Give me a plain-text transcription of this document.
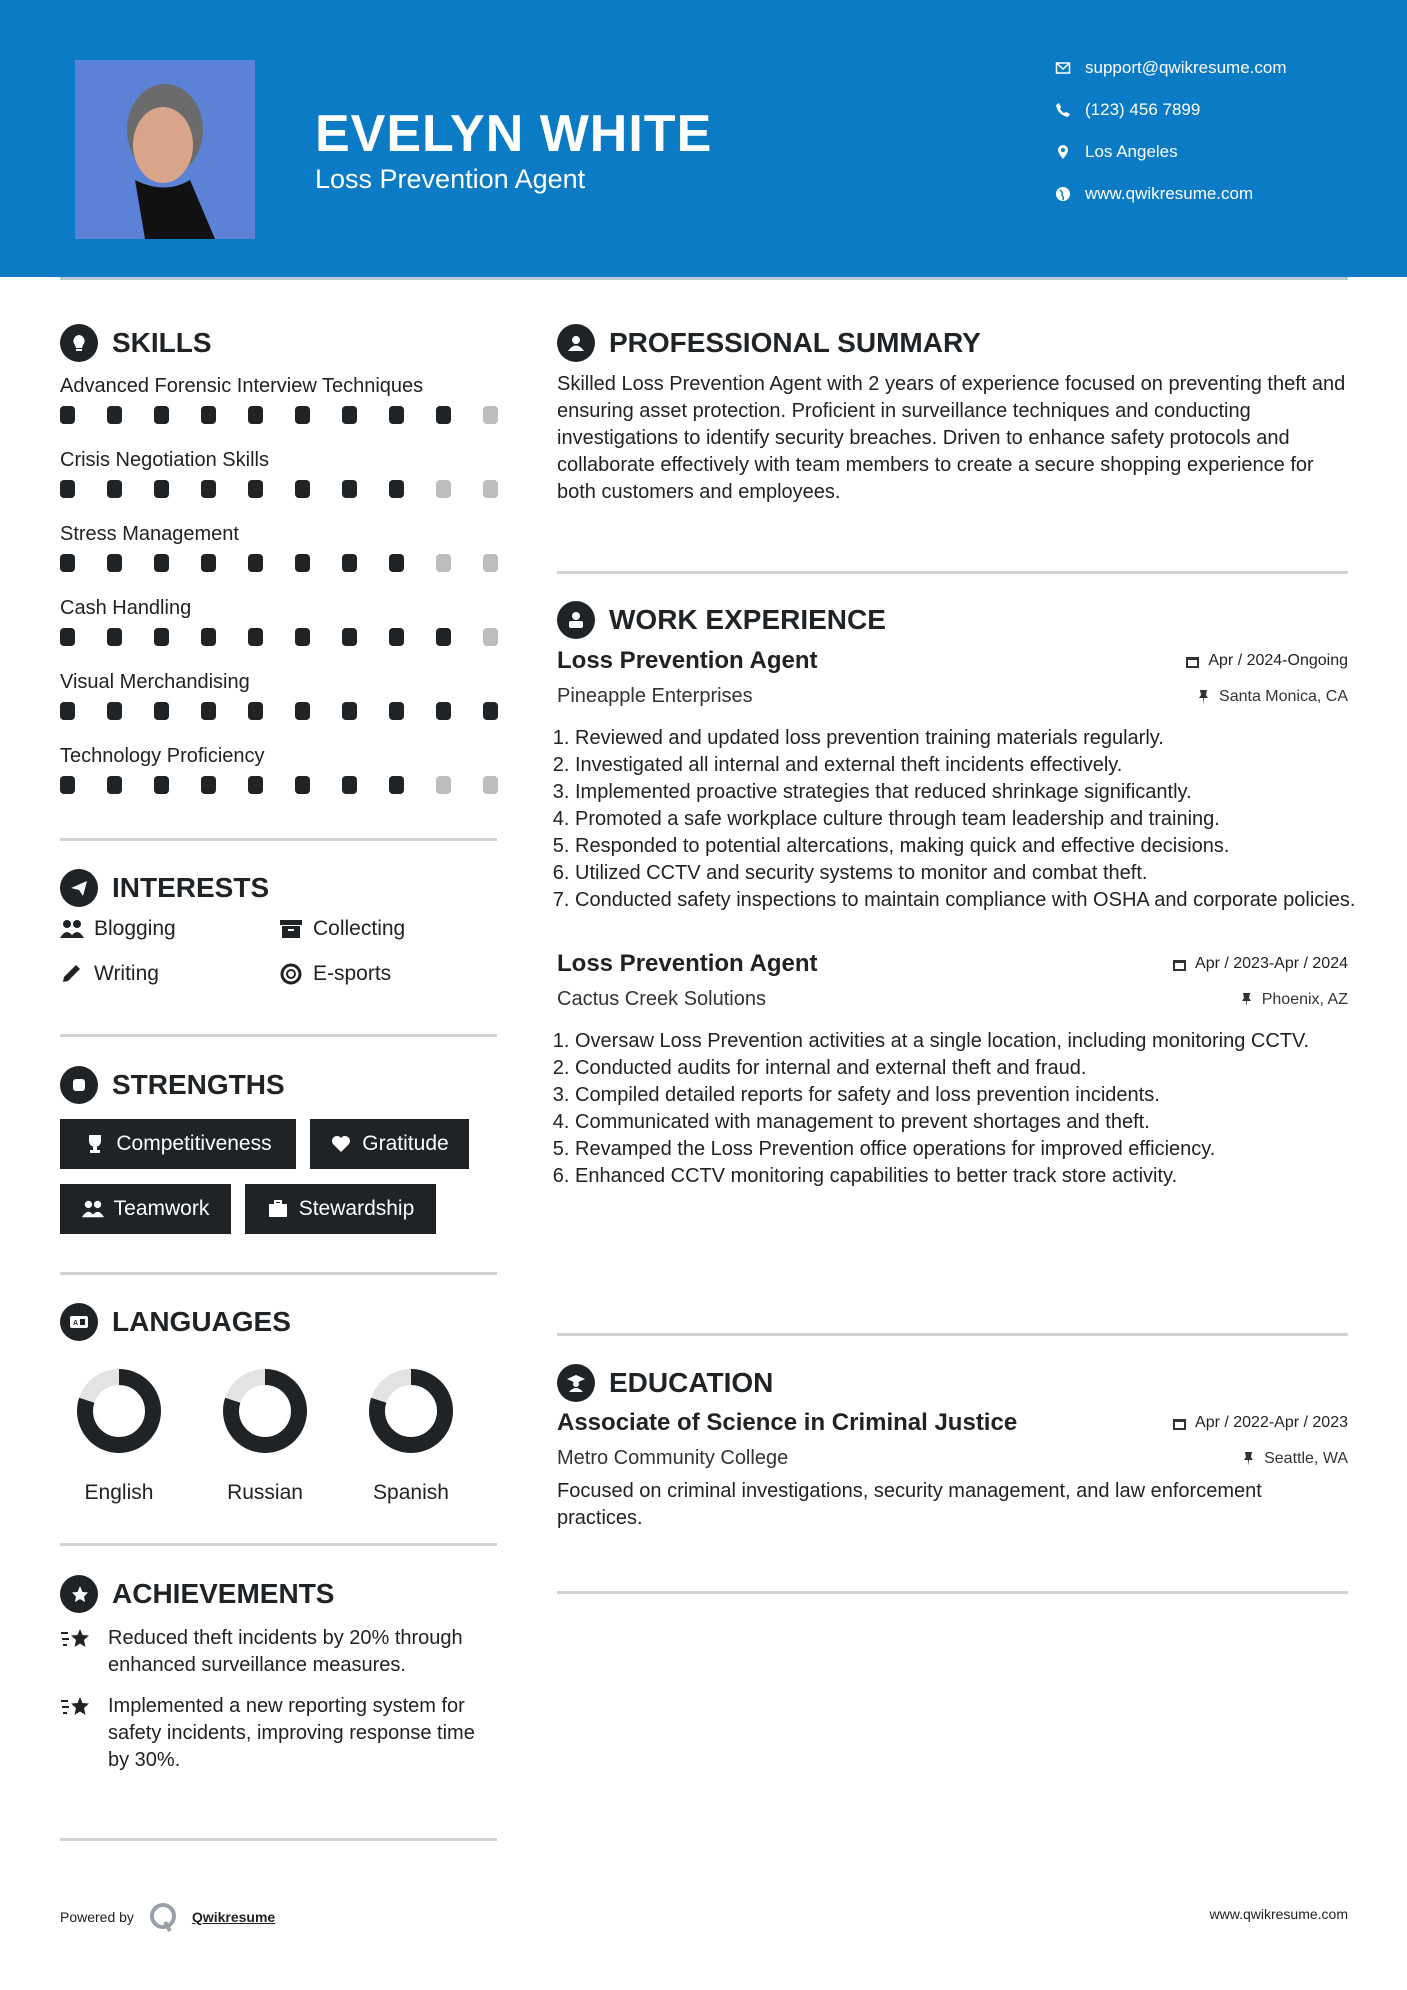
EVELYN WHITE
Loss Prevention Agent
support@qwikresume.com
(123) 456 7899
Los Angeles
www.qwikresume.com
SKILLS
Advanced Forensic Interview Techniques
Crisis Negotiation Skills
Stress Management
Cash Handling
Visual Merchandising
Technology Proficiency
INTERESTS
Blogging	Collecting
Writing	E-sports
STRENGTHS
Competitiveness	Gratitude
Teamwork	Stewardship
A LANGUAGES
English	Russian	Spanish
ACHIEVEMENTS
Reduced theft incidents by 20% through enhanced surveillance measures.
Implemented a new reporting system for safety incidents, improving response time by 30%.
PROFESSIONAL SUMMARY

Skilled Loss Prevention Agent with 2 years of experience focused on preventing theft and ensuring asset protection. Proficient in surveillance techniques and conducting investigations to identify security breaches. Driven to enhance safety protocols and collaborate effectively with team members to create a secure shopping experience for both customers and employees.

WORK EXPERIENCE
Loss Prevention Agent	Apr / 2024-Ongoing
Pineapple Enterprises	Santa Monica, CA
1. Reviewed and updated loss prevention training materials regularly.
2. Investigated all internal and external theft incidents effectively.
3. Implemented proactive strategies that reduced shrinkage significantly.
4. Promoted a safe workplace culture through team leadership and training.
5. Responded to potential altercations, making quick and effective decisions.
6. Utilized CCTV and security systems to monitor and combat theft.
7. Conducted safety inspections to maintain compliance with OSHA and corporate policies.
Loss Prevention Agent	Apr / 2023-Apr / 2024
Cactus Creek Solutions	Phoenix, AZ
1. Oversaw Loss Prevention activities at a single location, including monitoring CCTV.
2. Conducted audits for internal and external theft and fraud.
3. Compiled detailed reports for safety and loss prevention incidents.
4. Communicated with management to prevent shortages and theft.
5. Revamped the Loss Prevention office operations for improved efficiency.
6. Enhanced CCTV monitoring capabilities to better track store activity.
EDUCATION
Associate of Science in Criminal Justice	Apr / 2022-Apr / 2023
Metro Community College	Seattle, WA

Focused on criminal investigations, security management, and law enforcement practices.

Powered by	Qwikresume	www.qwikresume.com
